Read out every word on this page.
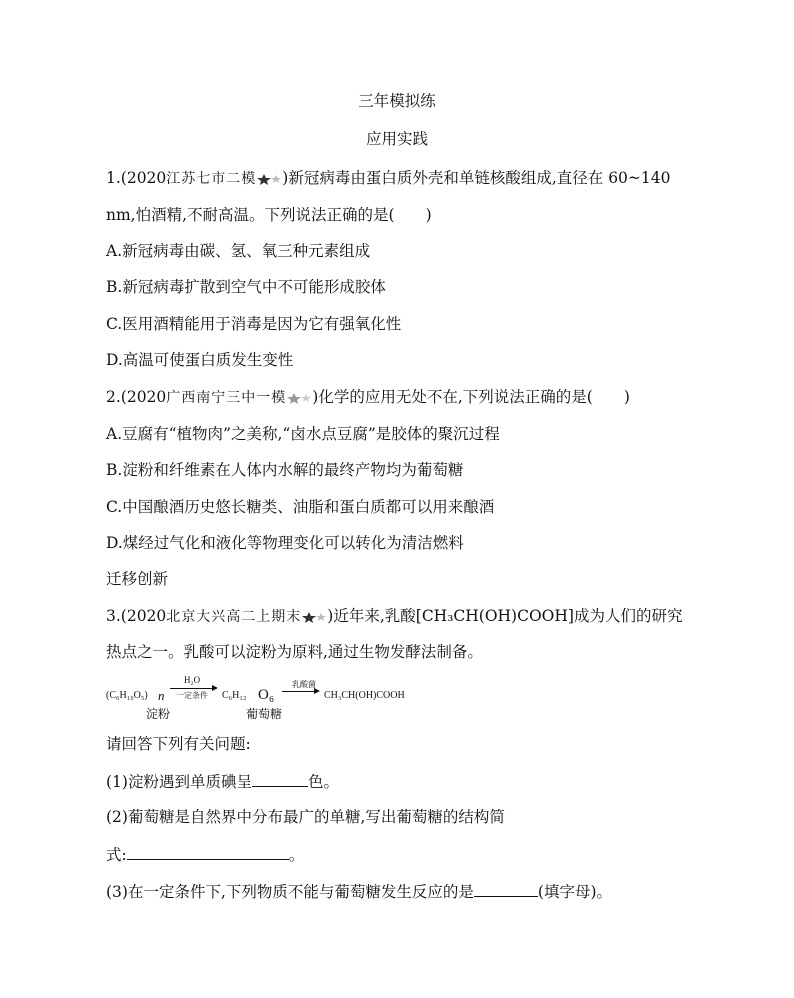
三年模拟练
应用实践
1.(2020江苏七市二模 )新冠病毒由蛋白质外壳和单链核酸组成,直径在 60~140
nm,怕酒精,不耐高温。下列说法正确的是(　　)
A.新冠病毒由碳、氢、氧三种元素组成
B.新冠病毒扩散到空气中不可能形成胶体
C.医用酒精能用于消毒是因为它有强氧化性
D.高温可使蛋白质发生变性
2.(2020广西南宁三中一模 )化学的应用无处不在,下列说法正确的是(　　)
A.豆腐有“植物肉”之美称,“卤水点豆腐”是胶体的聚沉过程
B.淀粉和纤维素在人体内水解的最终产物均为葡萄糖
C.中国酿酒历史悠长糖类、油脂和蛋白质都可以用来酿酒
D.煤经过气化和液化等物理变化可以转化为清洁燃料
迁移创新
3.(2020北京大兴高二上期末 )近年来,乳酸[CH₃CH(OH)COOH]成为人们的研究
热点之一。乳酸可以淀粉为原料,通过生物发酵法制备。
(C₆H₁₀O₅) n
淀粉
H₂O
一定条件 C₆H₁₂ O₆
葡萄糖
乳酸菌
→ CH₃CH(OH)COOH
请回答下列有关问题:
(1)淀粉遇到单质碘呈	色。
(2)葡萄糖是自然界中分布最广的单糖,写出葡萄糖的结构简
式:	。
(3)在一定条件下,下列物质不能与葡萄糖发生反应的是	(填字母)。
